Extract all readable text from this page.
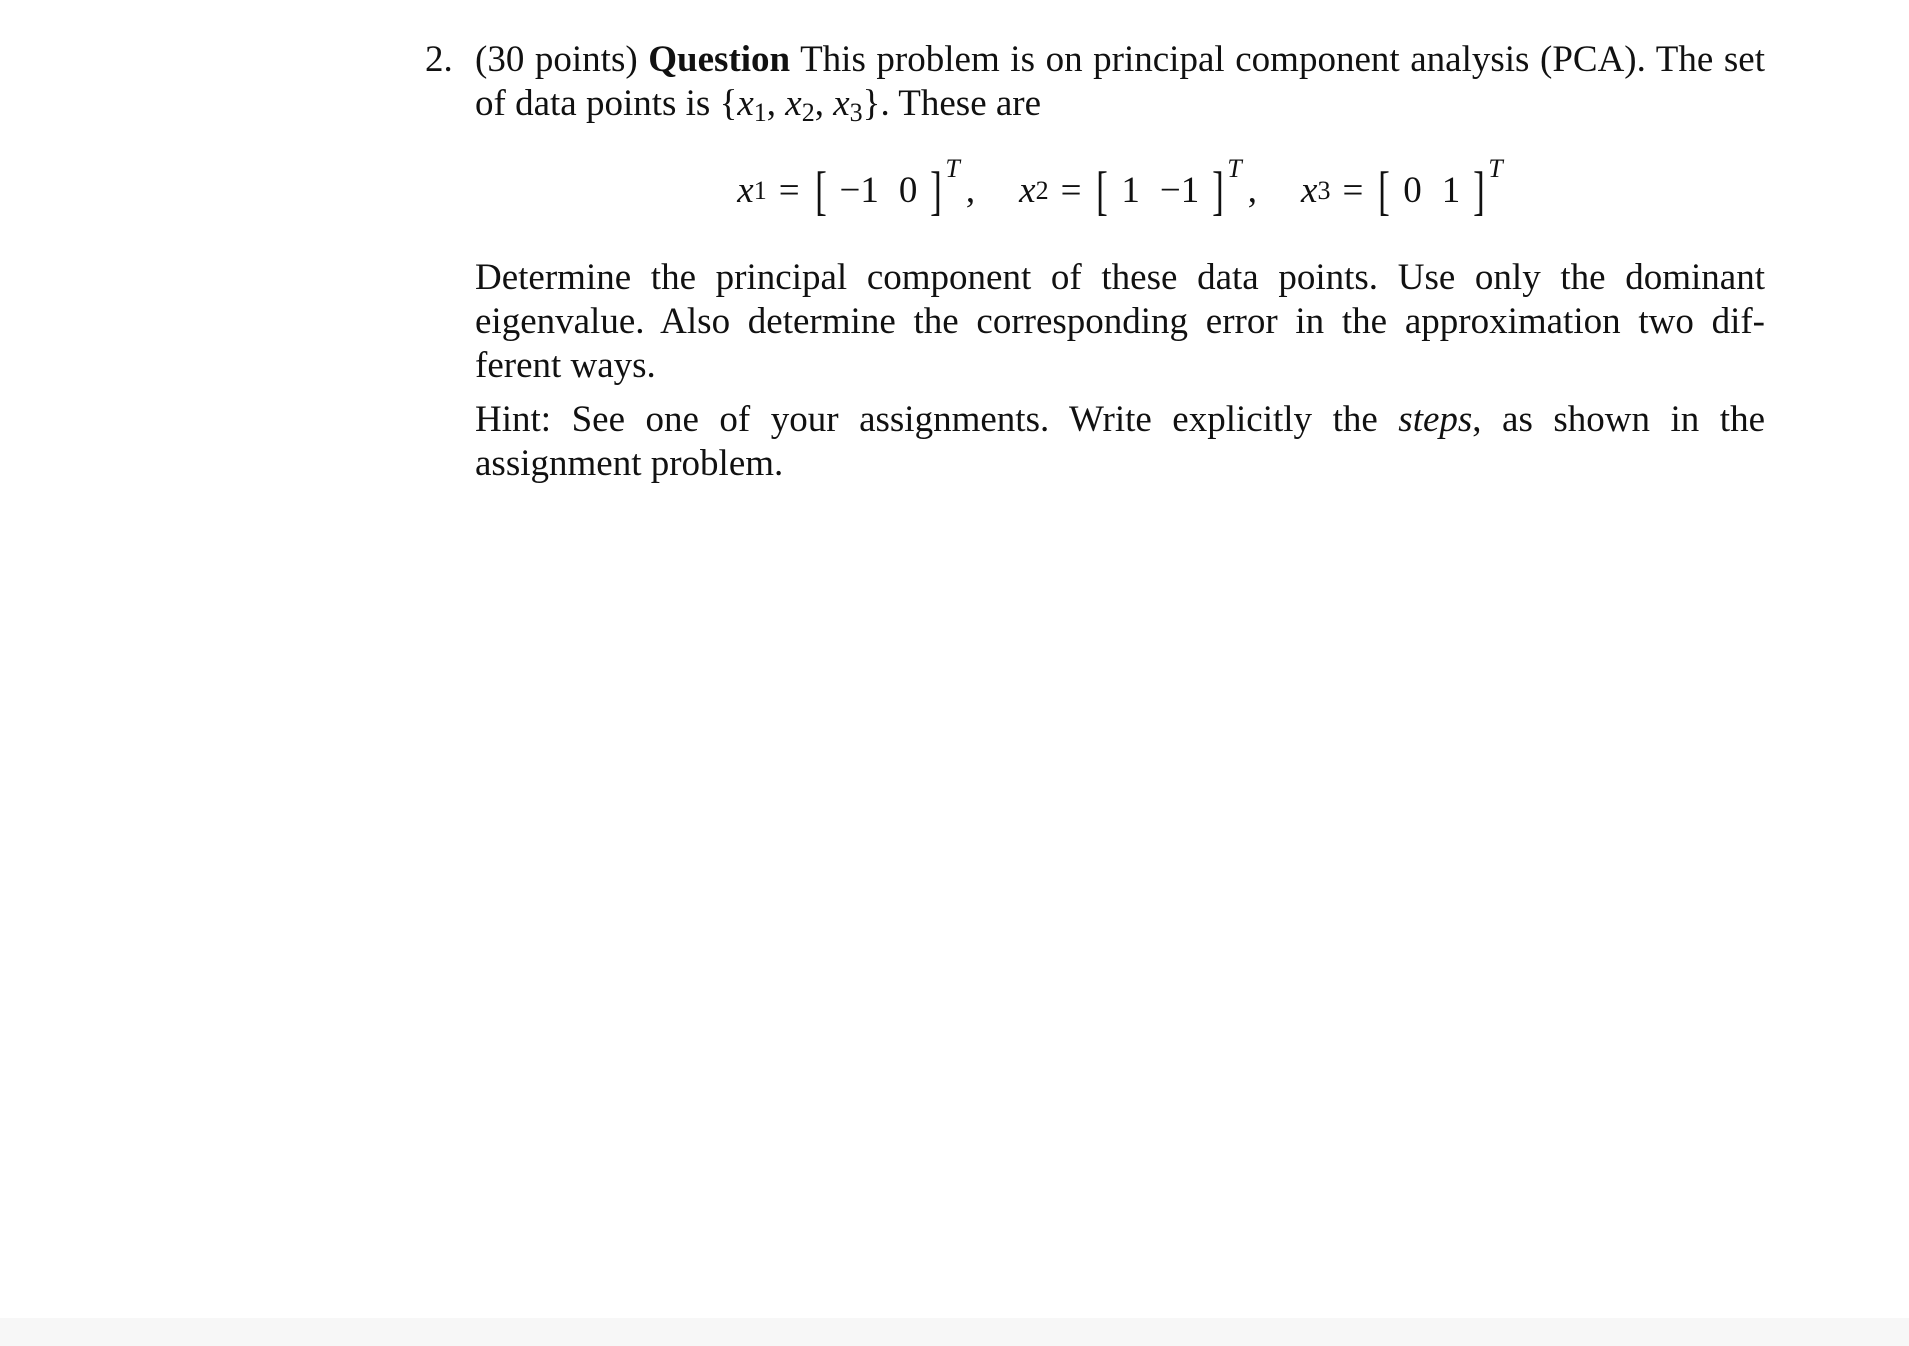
2. (30 points) Question This problem is on principal component analysis (PCA). The set of data points is {$x_1$, $x_2$, $x_3$}. These are

x 1 = [ −1 0 ] T
, x 2 = [ 1 −1 ] T
, x 3 = [ 0 1 ] T

Determine the principal component of these data points. Use only the dominant eigenvalue. Also determine the corresponding error in the approximation two dif-ferent ways.

Hint: See one of your assignments. Write explicitly the steps, as shown in the assignment problem.
